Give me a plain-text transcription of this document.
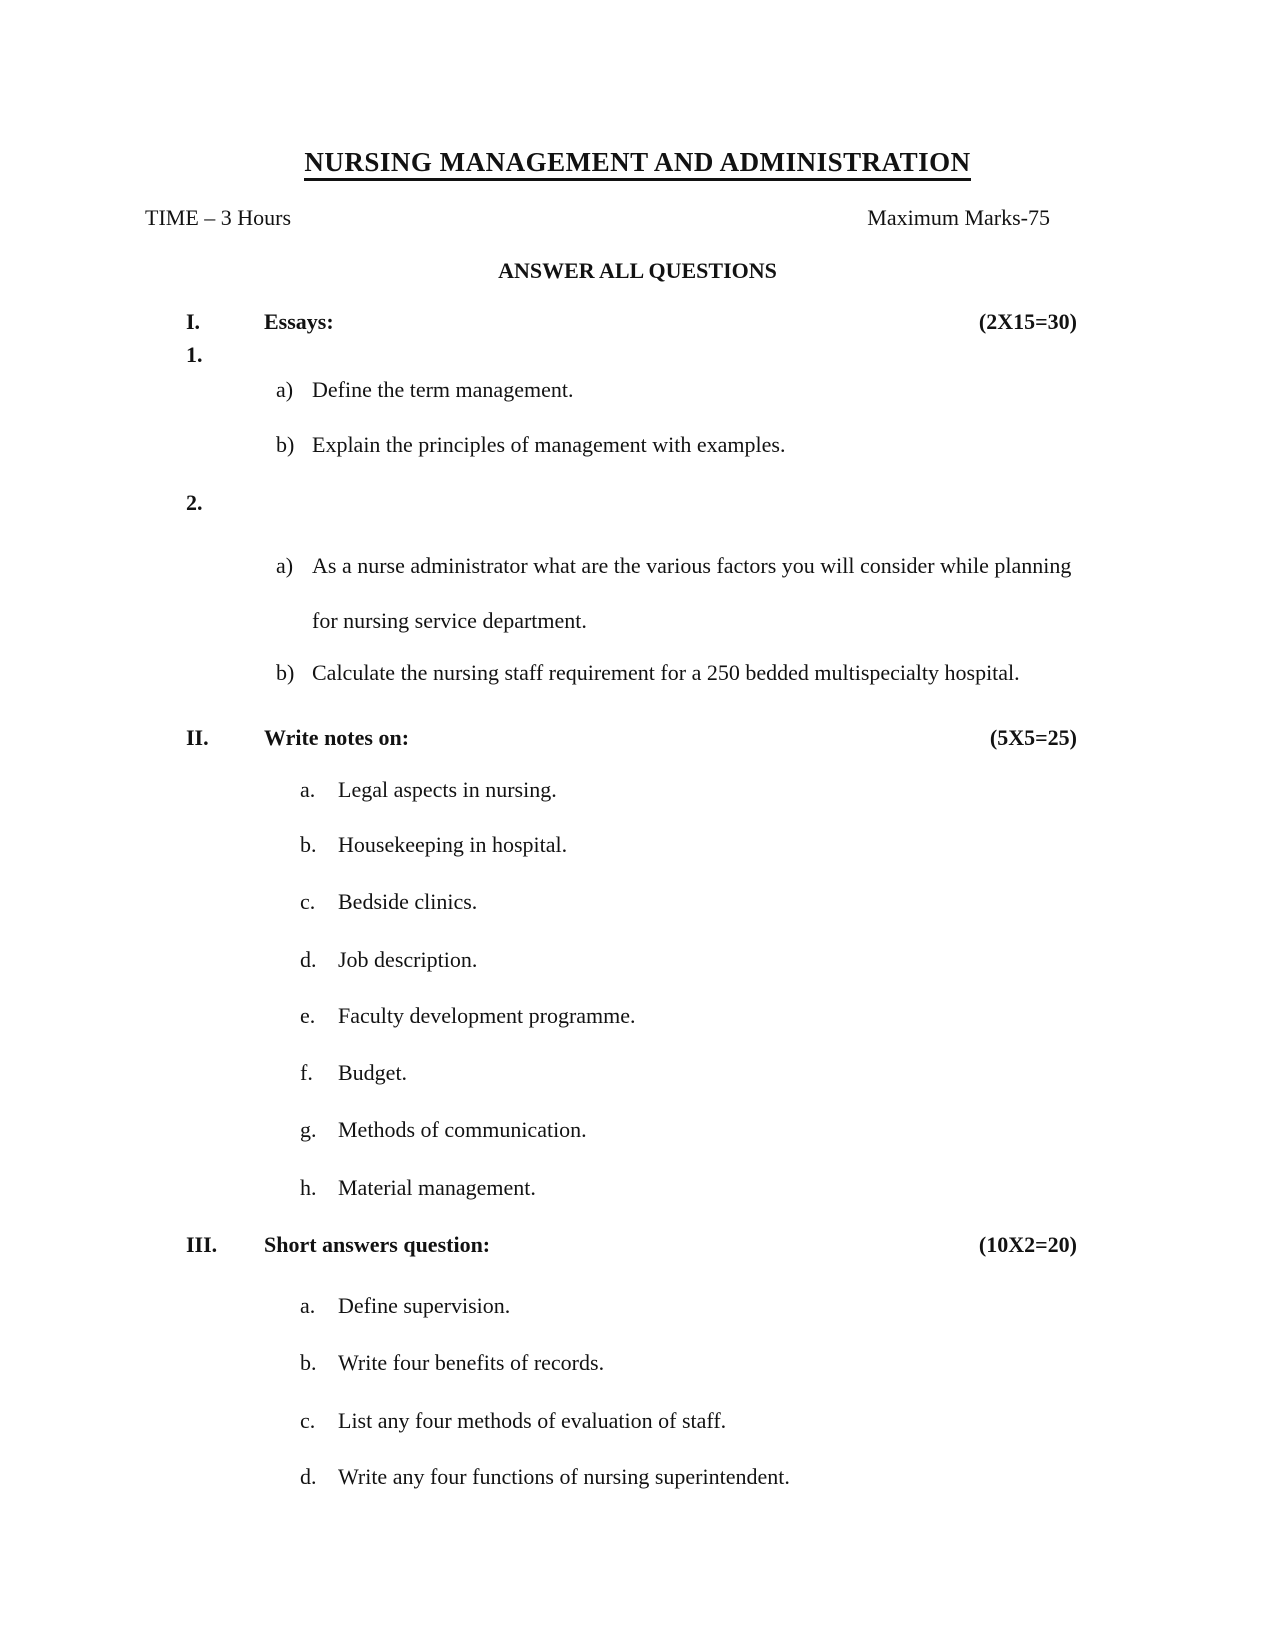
NURSING MANAGEMENT AND ADMINISTRATION
TIME – 3 Hours	Maximum Marks-75
ANSWER ALL QUESTIONS
I.	Essays:	(2X15=30)
1.
a) Define the term management.
b) Explain the principles of management with examples.
2.
a) As a nurse administrator what are the various factors you will consider while planning for nursing service department.
b) Calculate the nursing staff requirement for a 250 bedded multispecialty hospital.
II.	Write notes on:	(5X5=25)
a. Legal aspects in nursing.
b. Housekeeping in hospital.
c. Bedside clinics.
d. Job description.
e. Faculty development programme.
f. Budget.
g. Methods of communication.
h. Material management.
III. Short answers question:	(10X2=20)
a. Define supervision.
b. Write four benefits of records.
c. List any four methods of evaluation of staff.
d. Write any four functions of nursing superintendent.
